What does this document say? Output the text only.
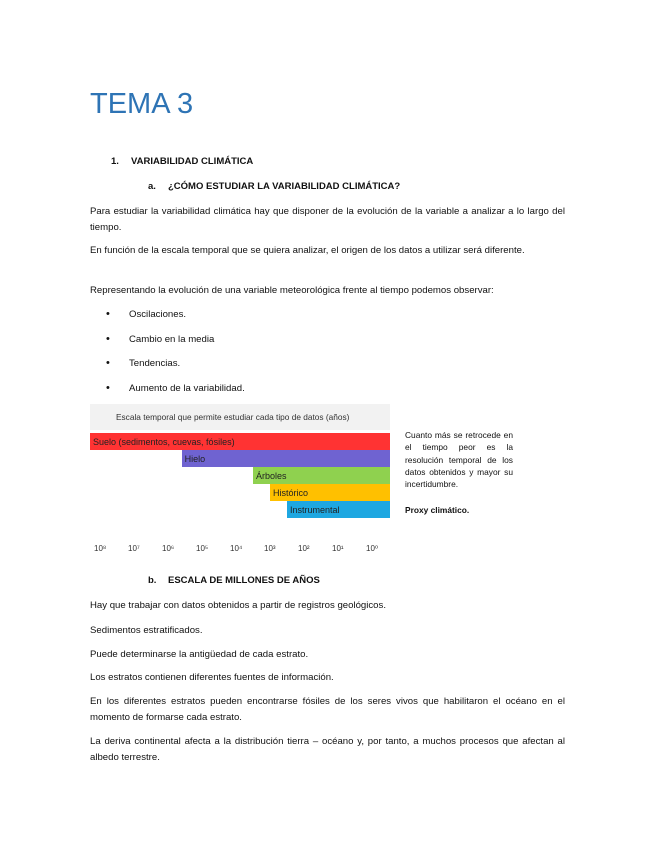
TEMA 3
1. VARIABILIDAD CLIMÁTICA
a. ¿CÓMO ESTUDIAR LA VARIABILIDAD CLIMÁTICA?
Para estudiar la variabilidad climática hay que disponer de la evolución de la variable a analizar a lo largo del tiempo.
En función de la escala temporal que se quiera analizar, el origen de los datos a utilizar será diferente.
Representando la evolución de una variable meteorológica frente al tiempo podemos observar:
• Oscilaciones.
• Cambio en la media
• Tendencias.
• Aumento de la variabilidad.
Escala temporal que permite estudiar cada tipo de datos (años)
10⁸	10⁷	10⁶	10⁵	10⁴	10³	10²	10¹	10⁰
Suelo (sedimentos, cuevas, fósiles)
Hielo
Árboles
Histórico
Instrumental
Cuanto más se retrocede en el tiempo peor es la resolución temporal de los datos obtenidos y mayor su incertidumbre.
Proxy climático.
b. ESCALA DE MILLONES DE AÑOS
Hay que trabajar con datos obtenidos a partir de registros geológicos.
Sedimentos estratificados.
Puede determinarse la antigüedad de cada estrato.
Los estratos contienen diferentes fuentes de información.
En los diferentes estratos pueden encontrarse fósiles de los seres vivos que habilitaron el océano en el momento de formarse cada estrato.
La deriva continental afecta a la distribución tierra – océano y, por tanto, a muchos procesos que afectan al albedo terrestre.
